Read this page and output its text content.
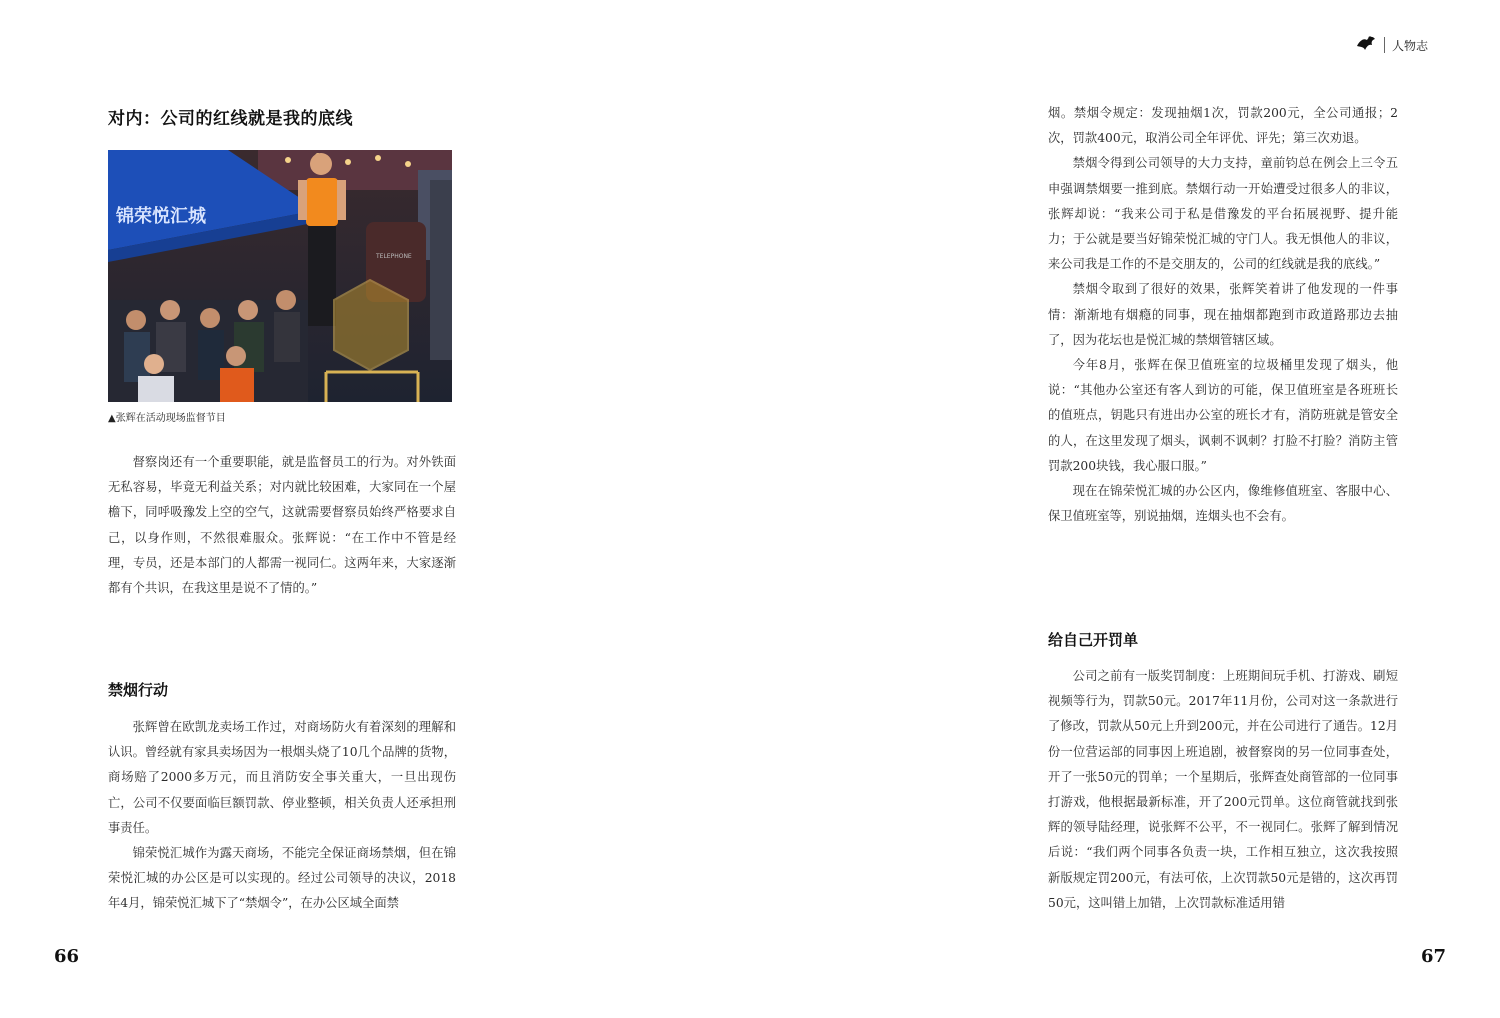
人物志
对内：公司的红线就是我的底线
锦荣悦汇城
TELEPHONE
▲张辉在活动现场监督节目

督察岗还有一个重要职能，就是监督员工的行为。对外铁面无私容易，毕竟无利益关系；对内就比较困难，大家同在一个屋檐下，同呼吸豫发上空的空气，这就需要督察员始终严格要求自己，以身作则，不然很难服众。张辉说：“在工作中不管是经理，专员，还是本部门的人都需一视同仁。这两年来，大家逐渐都有个共识，在我这里是说不了情的。”

禁烟行动

张辉曾在欧凯龙卖场工作过，对商场防火有着深刻的理解和认识。曾经就有家具卖场因为一根烟头烧了10几个品牌的货物，商场赔了2000多万元，而且消防安全事关重大，一旦出现伤亡，公司不仅要面临巨额罚款、停业整顿，相关负责人还承担刑事责任。

锦荣悦汇城作为露天商场，不能完全保证商场禁烟，但在锦荣悦汇城的办公区是可以实现的。经过公司领导的决议，2018年4月，锦荣悦汇城下了“禁烟令”，在办公区域全面禁

66

烟。禁烟令规定：发现抽烟1次，罚款200元，全公司通报；2次，罚款400元，取消公司全年评优、评先；第三次劝退。

禁烟令得到公司领导的大力支持，童前钧总在例会上三令五申强调禁烟要一推到底。禁烟行动一开始遭受过很多人的非议，张辉却说：“我来公司于私是借豫发的平台拓展视野、提升能力；于公就是要当好锦荣悦汇城的守门人。我无惧他人的非议，来公司我是工作的不是交朋友的，公司的红线就是我的底线。”

禁烟令取到了很好的效果，张辉笑着讲了他发现的一件事情：渐渐地有烟瘾的同事，现在抽烟都跑到市政道路那边去抽了，因为花坛也是悦汇城的禁烟管辖区域。

今年8月，张辉在保卫值班室的垃圾桶里发现了烟头，他说：“其他办公室还有客人到访的可能，保卫值班室是各班班长的值班点，钥匙只有进出办公室的班长才有，消防班就是管安全的人，在这里发现了烟头，讽刺不讽刺？打脸不打脸？消防主管罚款200块钱，我心服口服。”

现在在锦荣悦汇城的办公区内，像维修值班室、客服中心、保卫值班室等，别说抽烟，连烟头也不会有。

给自己开罚单

公司之前有一版奖罚制度：上班期间玩手机、打游戏、刷短视频等行为，罚款50元。2017年11月份，公司对这一条款进行了修改，罚款从50元上升到200元，并在公司进行了通告。12月份一位营运部的同事因上班追剧，被督察岗的另一位同事查处，开了一张50元的罚单；一个星期后，张辉查处商管部的一位同事打游戏，他根据最新标准，开了200元罚单。这位商管就找到张辉的领导陆经理，说张辉不公平，不一视同仁。张辉了解到情况后说：“我们两个同事各负责一块，工作相互独立，这次我按照新版规定罚200元，有法可依，上次罚款50元是错的，这次再罚50元，这叫错上加错，上次罚款标准适用错

67
